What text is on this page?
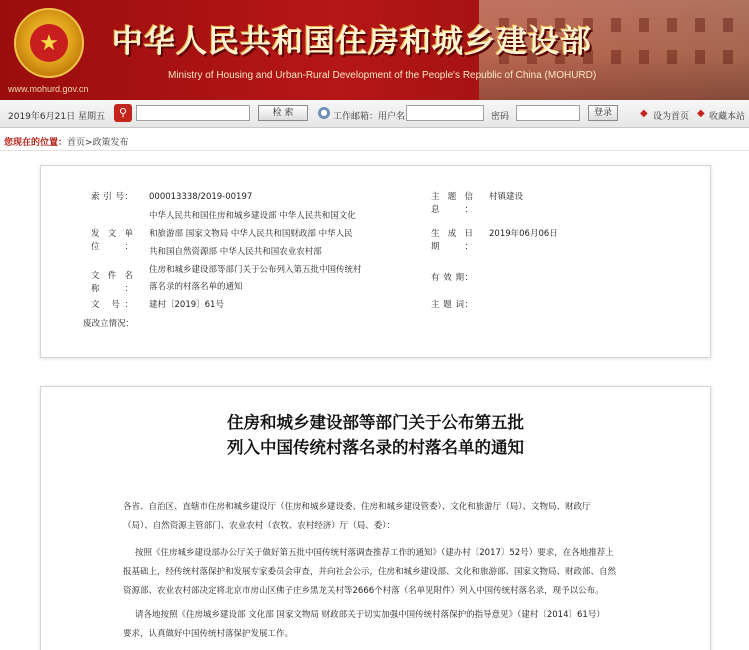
★
www.mohurd.gov.cn
中华人民共和国住房和城乡建设部
Ministry of Housing and Urban-Rural Development of the People's Republic of China (MOHURD)
2019年6月21日 星期五	⚲	检 索	● 工作邮箱：用户名	密码	登录	◆ 设为首页 ◆ 收藏本站
您现在的位置：首页>政策发布
索 引 号： 000013338/2019-00197	主题信息：
村镇建设
发文单位：
中华人民共和国住房和城乡建设部 中华人民共和国文化
和旅游部 国家文物局 中华人民共和国财政部 中华人民
共和国自然资源部 中华人民共和国农业农村部
生成日期：
2019年06月06日
文件名称：
住房和城乡建设部等部门关于公布列入第五批中国传统村
落名录的村落名单的通知
有 效 期：
文 号： 建村〔2019〕61号	主 题 词：
废改立情况：
住房和城乡建设部等部门关于公布第五批
列入中国传统村落名录的村落名单的通知
各省、自治区、直辖市住房和城乡建设厅（住房和城乡建设委、住房和城乡建设管委）、文化和旅游厅（局）、文物局、财政厅
（局）、自然资源主管部门、农业农村（农牧、农村经济）厅（局、委）：
按照《住房城乡建设部办公厅关于做好第五批中国传统村落调查推荐工作的通知》（建办村〔2017〕52号）要求，在各地推荐上
报基础上，经传统村落保护和发展专家委员会审查，并向社会公示，住房和城乡建设部、文化和旅游部、国家文物局、财政部、自然
资源部、农业农村部决定将北京市房山区佛子庄乡黑龙关村等2666个村落（名单见附件）列入中国传统村落名录，现予以公布。
请各地按照《住房城乡建设部 文化部 国家文物局 财政部关于切实加强中国传统村落保护的指导意见》（建村〔2014〕61号）
要求，认真做好中国传统村落保护发展工作。
